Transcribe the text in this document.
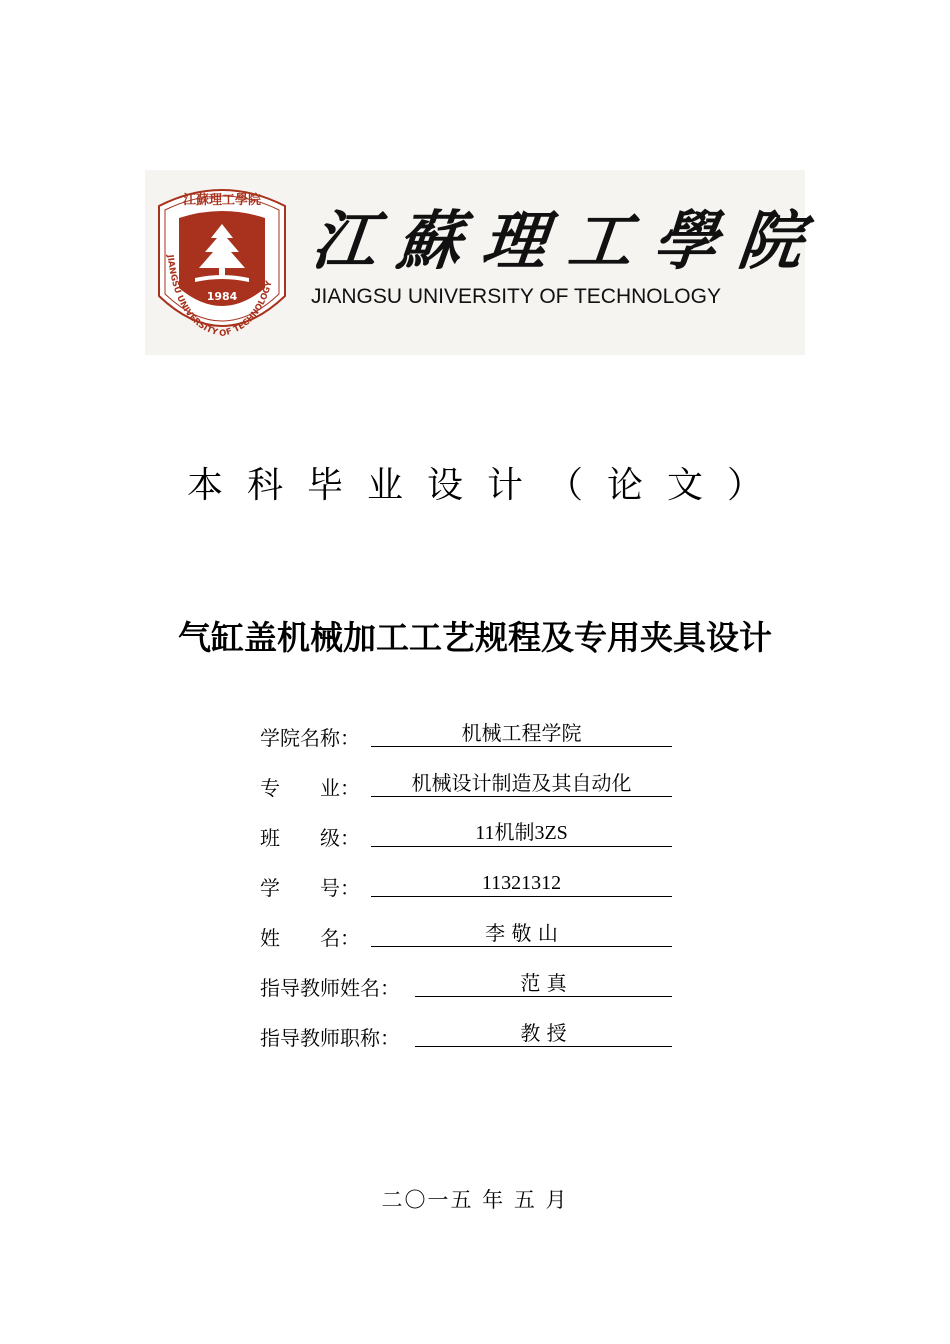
1984
江蘇理工學院
JIANGSU UNIVERSITY OF TECHNOLOGY
江 蘇 理 工 學 院
JIANGSU UNIVERSITY OF TECHNOLOGY
本科毕业设计（论文）
气缸盖机械加工工艺规程及专用夹具设计
学院名称：	机械工程学院
专　　业：	机械设计制造及其自动化
班　　级：	11机制3ZS
学　　号：	11321312
姓　　名：	李 敬 山
指导教师姓名：	范 真
指导教师职称：	教 授
二〇一五 年 五 月
